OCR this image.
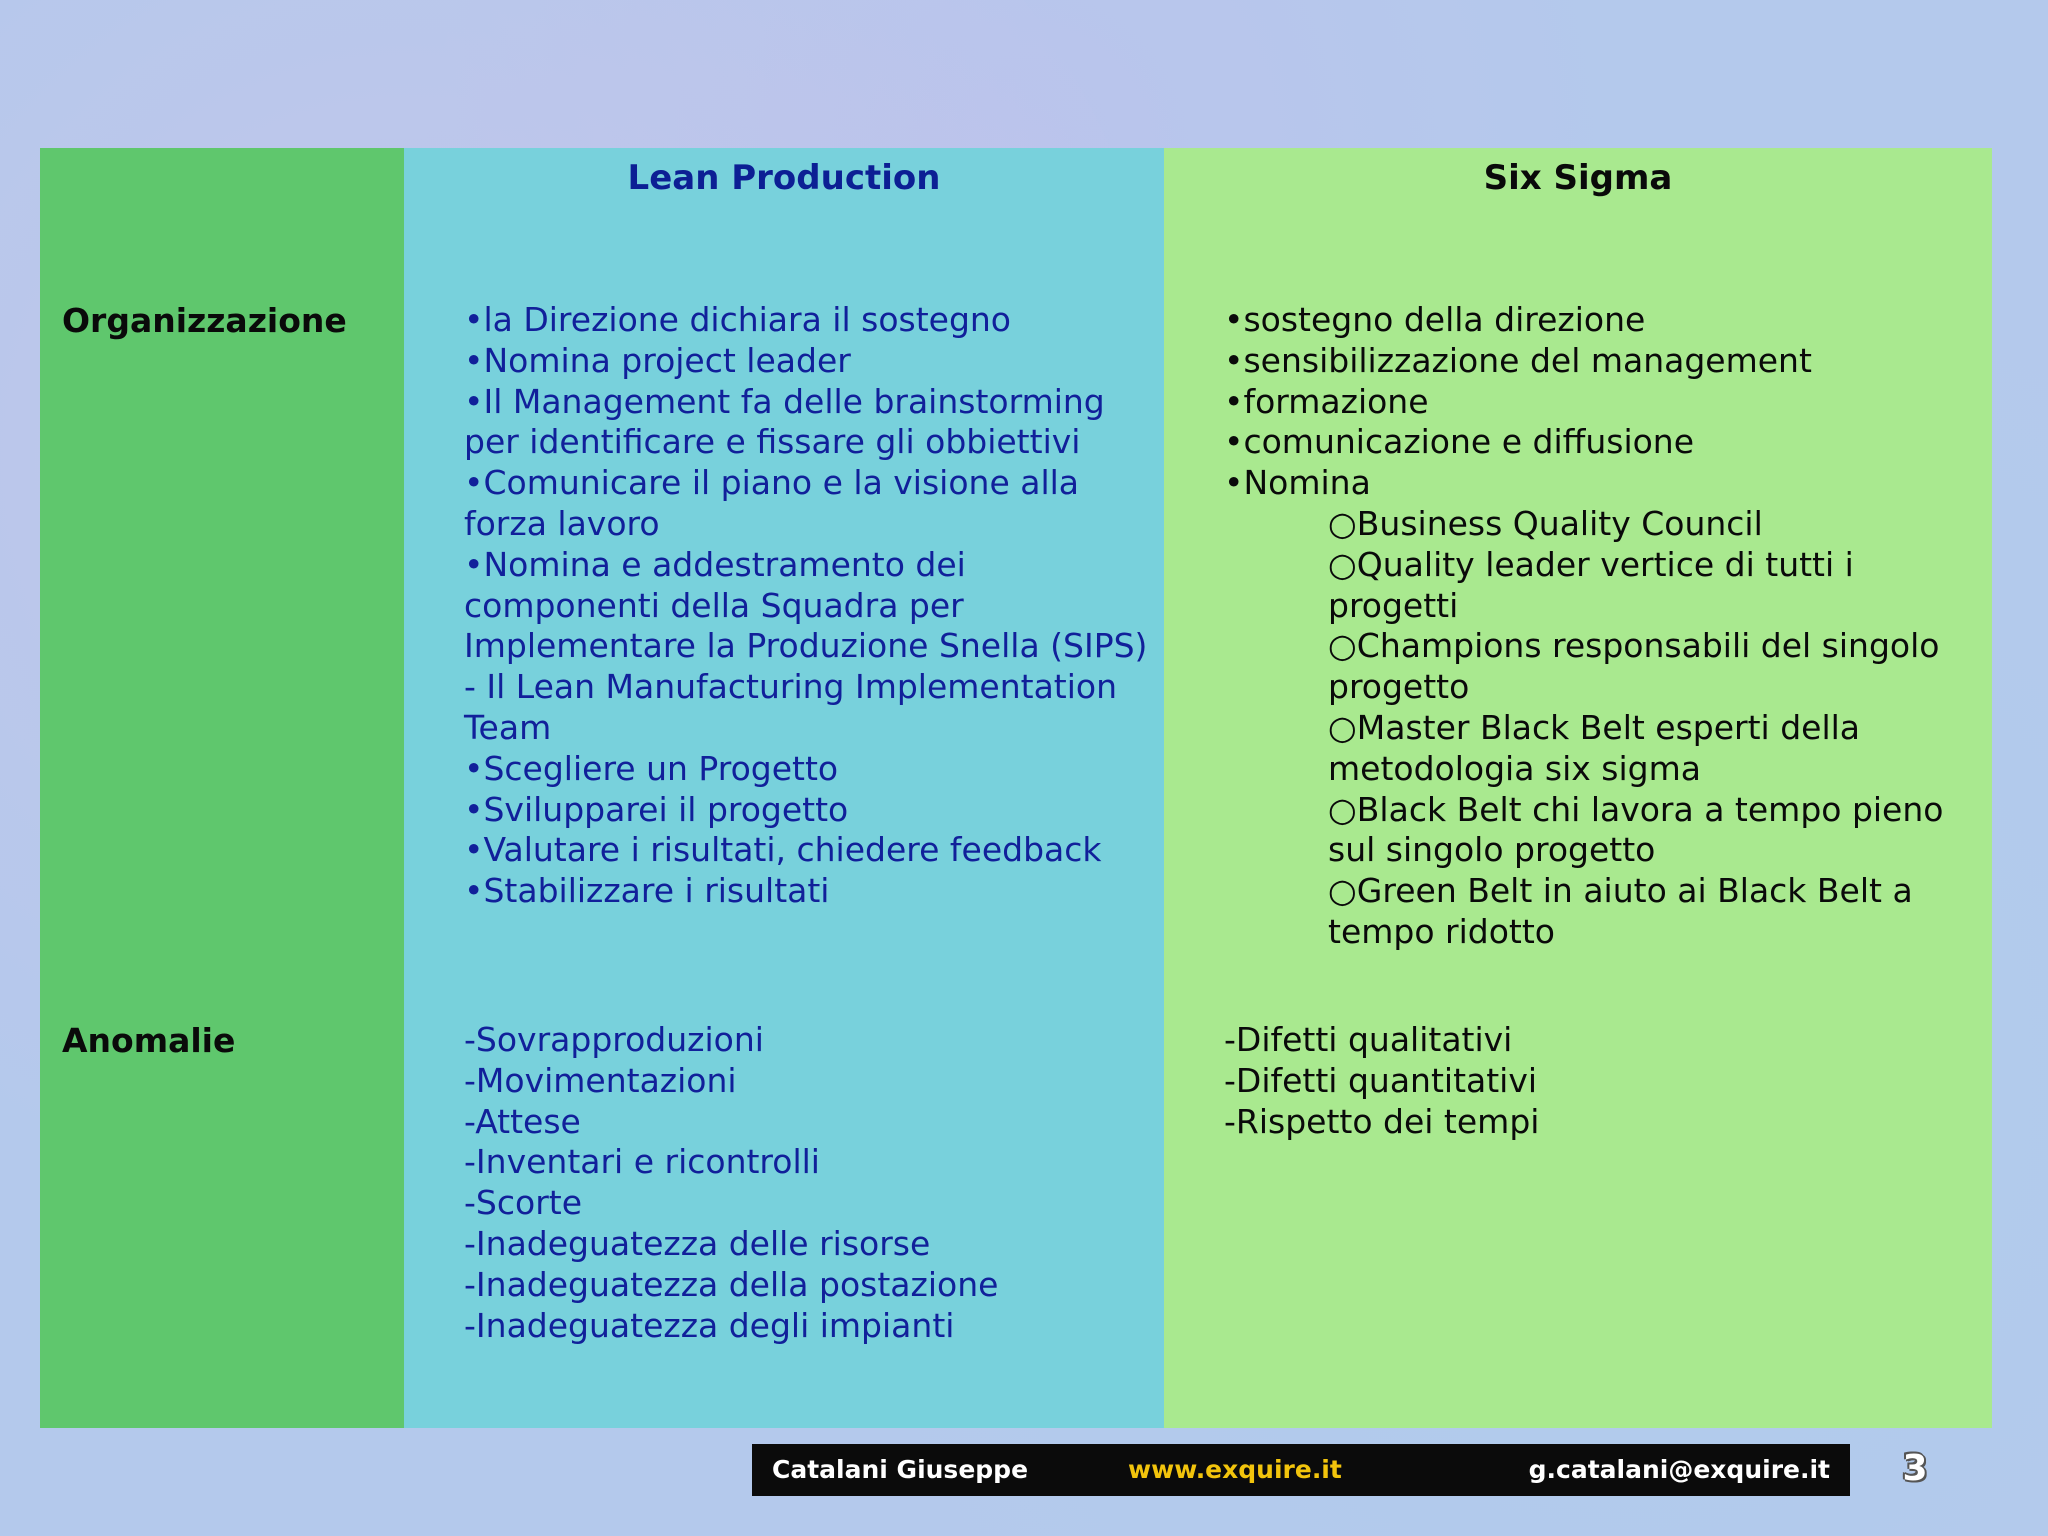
Organizzazione
Anomalie
Lean Production
•la Direzione dichiara il sostegno
•Nomina project leader
•Il Management fa delle brainstorming per identificare e fissare gli obbiettivi
•Comunicare il piano e la visione alla forza lavoro
•Nomina e addestramento dei componenti della Squadra per Implementare la Produzione Snella (SIPS) - Il Lean Manufacturing Implementation Team
•Scegliere un Progetto
•Svilupparei il progetto
•Valutare i risultati, chiedere feedback
•Stabilizzare i risultati
-Sovrapproduzioni
-Movimentazioni
-Attese
-Inventari e ricontrolli
-Scorte
-Inadeguatezza delle risorse
-Inadeguatezza della postazione
-Inadeguatezza degli impianti
Six Sigma
•sostegno della direzione
•sensibilizzazione del management
•formazione
•comunicazione e diffusione
•Nomina
○Business Quality Council
○Quality leader vertice di tutti i progetti
○Champions responsabili del singolo progetto
○Master Black Belt esperti della metodologia six sigma
○Black Belt chi lavora a tempo pieno sul singolo progetto
○Green Belt in aiuto ai Black Belt a tempo ridotto
-Difetti qualitativi
-Difetti quantitativi
-Rispetto dei tempi
Catalani Giuseppe	www.exquire.it	g.catalani@exquire.it 3
